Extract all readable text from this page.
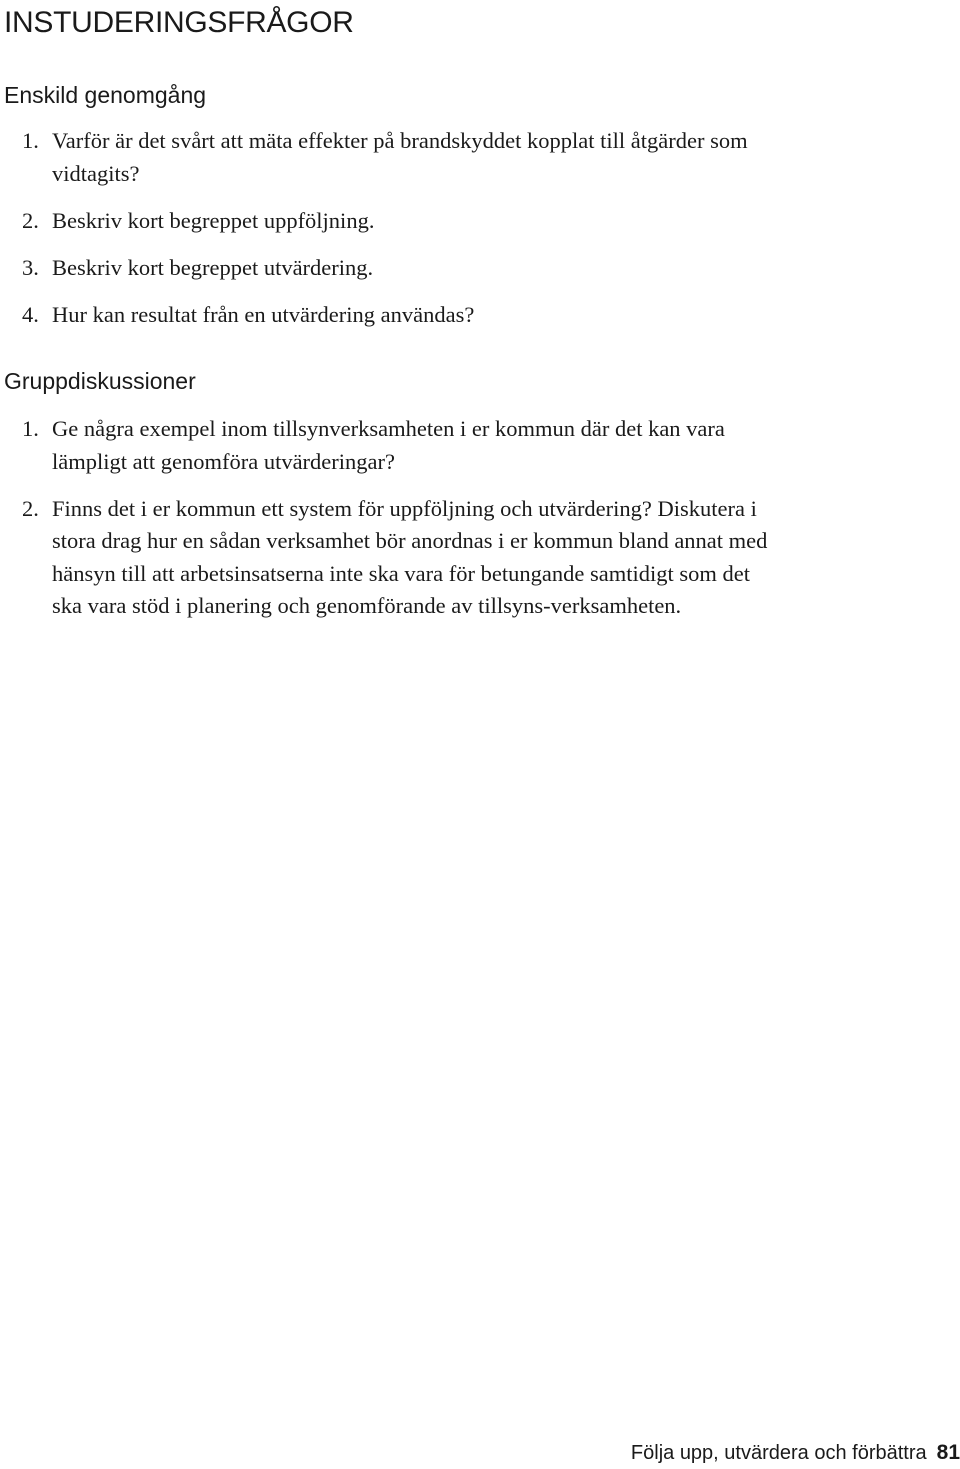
INSTUDERINGSFRÅGOR
Enskild genomgång
1. Varför är det svårt att mäta effekter på brandskyddet kopplat till åtgärder som vidtagits?
2. Beskriv kort begreppet uppföljning.
3. Beskriv kort begreppet utvärdering.
4. Hur kan resultat från en utvärdering användas?
Gruppdiskussioner
1. Ge några exempel inom tillsynverksamheten i er kommun där det kan vara lämpligt att genomföra utvärderingar?
2. Finns det i er kommun ett system för uppföljning och utvärdering? Diskutera i stora drag hur en sådan verksamhet bör anordnas i er kommun bland annat med hänsyn till att arbetsinsatserna inte ska vara för betungande samtidigt som det ska vara stöd i planering och genomförande av tillsyns-verksamheten.
Följa upp, utvärdera och förbättra 81
